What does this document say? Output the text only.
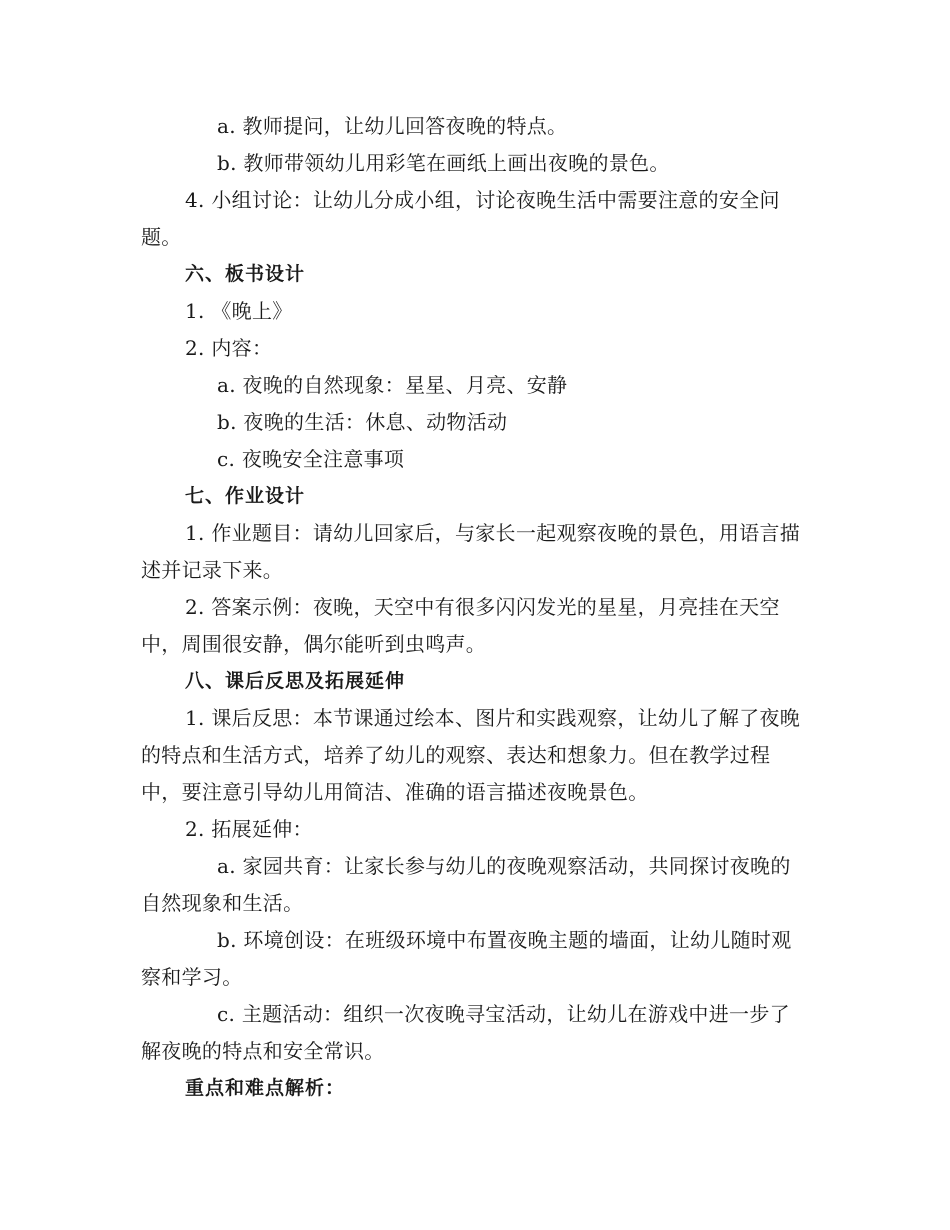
a. 教师提问，让幼儿回答夜晚的特点。

b. 教师带领幼儿用彩笔在画纸上画出夜晚的景色。

4. 小组讨论：让幼儿分成小组，讨论夜晚生活中需要注意的安全问题。

六、板书设计

1. 《晚上》

2. 内容：

a. 夜晚的自然现象：星星、月亮、安静

b. 夜晚的生活：休息、动物活动

c. 夜晚安全注意事项

七、作业设计

1. 作业题目：请幼儿回家后，与家长一起观察夜晚的景色，用语言描述并记录下来。

2. 答案示例：夜晚，天空中有很多闪闪发光的星星，月亮挂在天空中，周围很安静，偶尔能听到虫鸣声。

八、课后反思及拓展延伸

1. 课后反思：本节课通过绘本、图片和实践观察，让幼儿了解了夜晚的特点和生活方式，培养了幼儿的观察、表达和想象力。但在教学过程中，要注意引导幼儿用简洁、准确的语言描述夜晚景色。

2. 拓展延伸：

a. 家园共育：让家长参与幼儿的夜晚观察活动，共同探讨夜晚的自然现象和生活。

b. 环境创设：在班级环境中布置夜晚主题的墙面，让幼儿随时观察和学习。

c. 主题活动：组织一次夜晚寻宝活动，让幼儿在游戏中进一步了解夜晚的特点和安全常识。

重点和难点解析：
